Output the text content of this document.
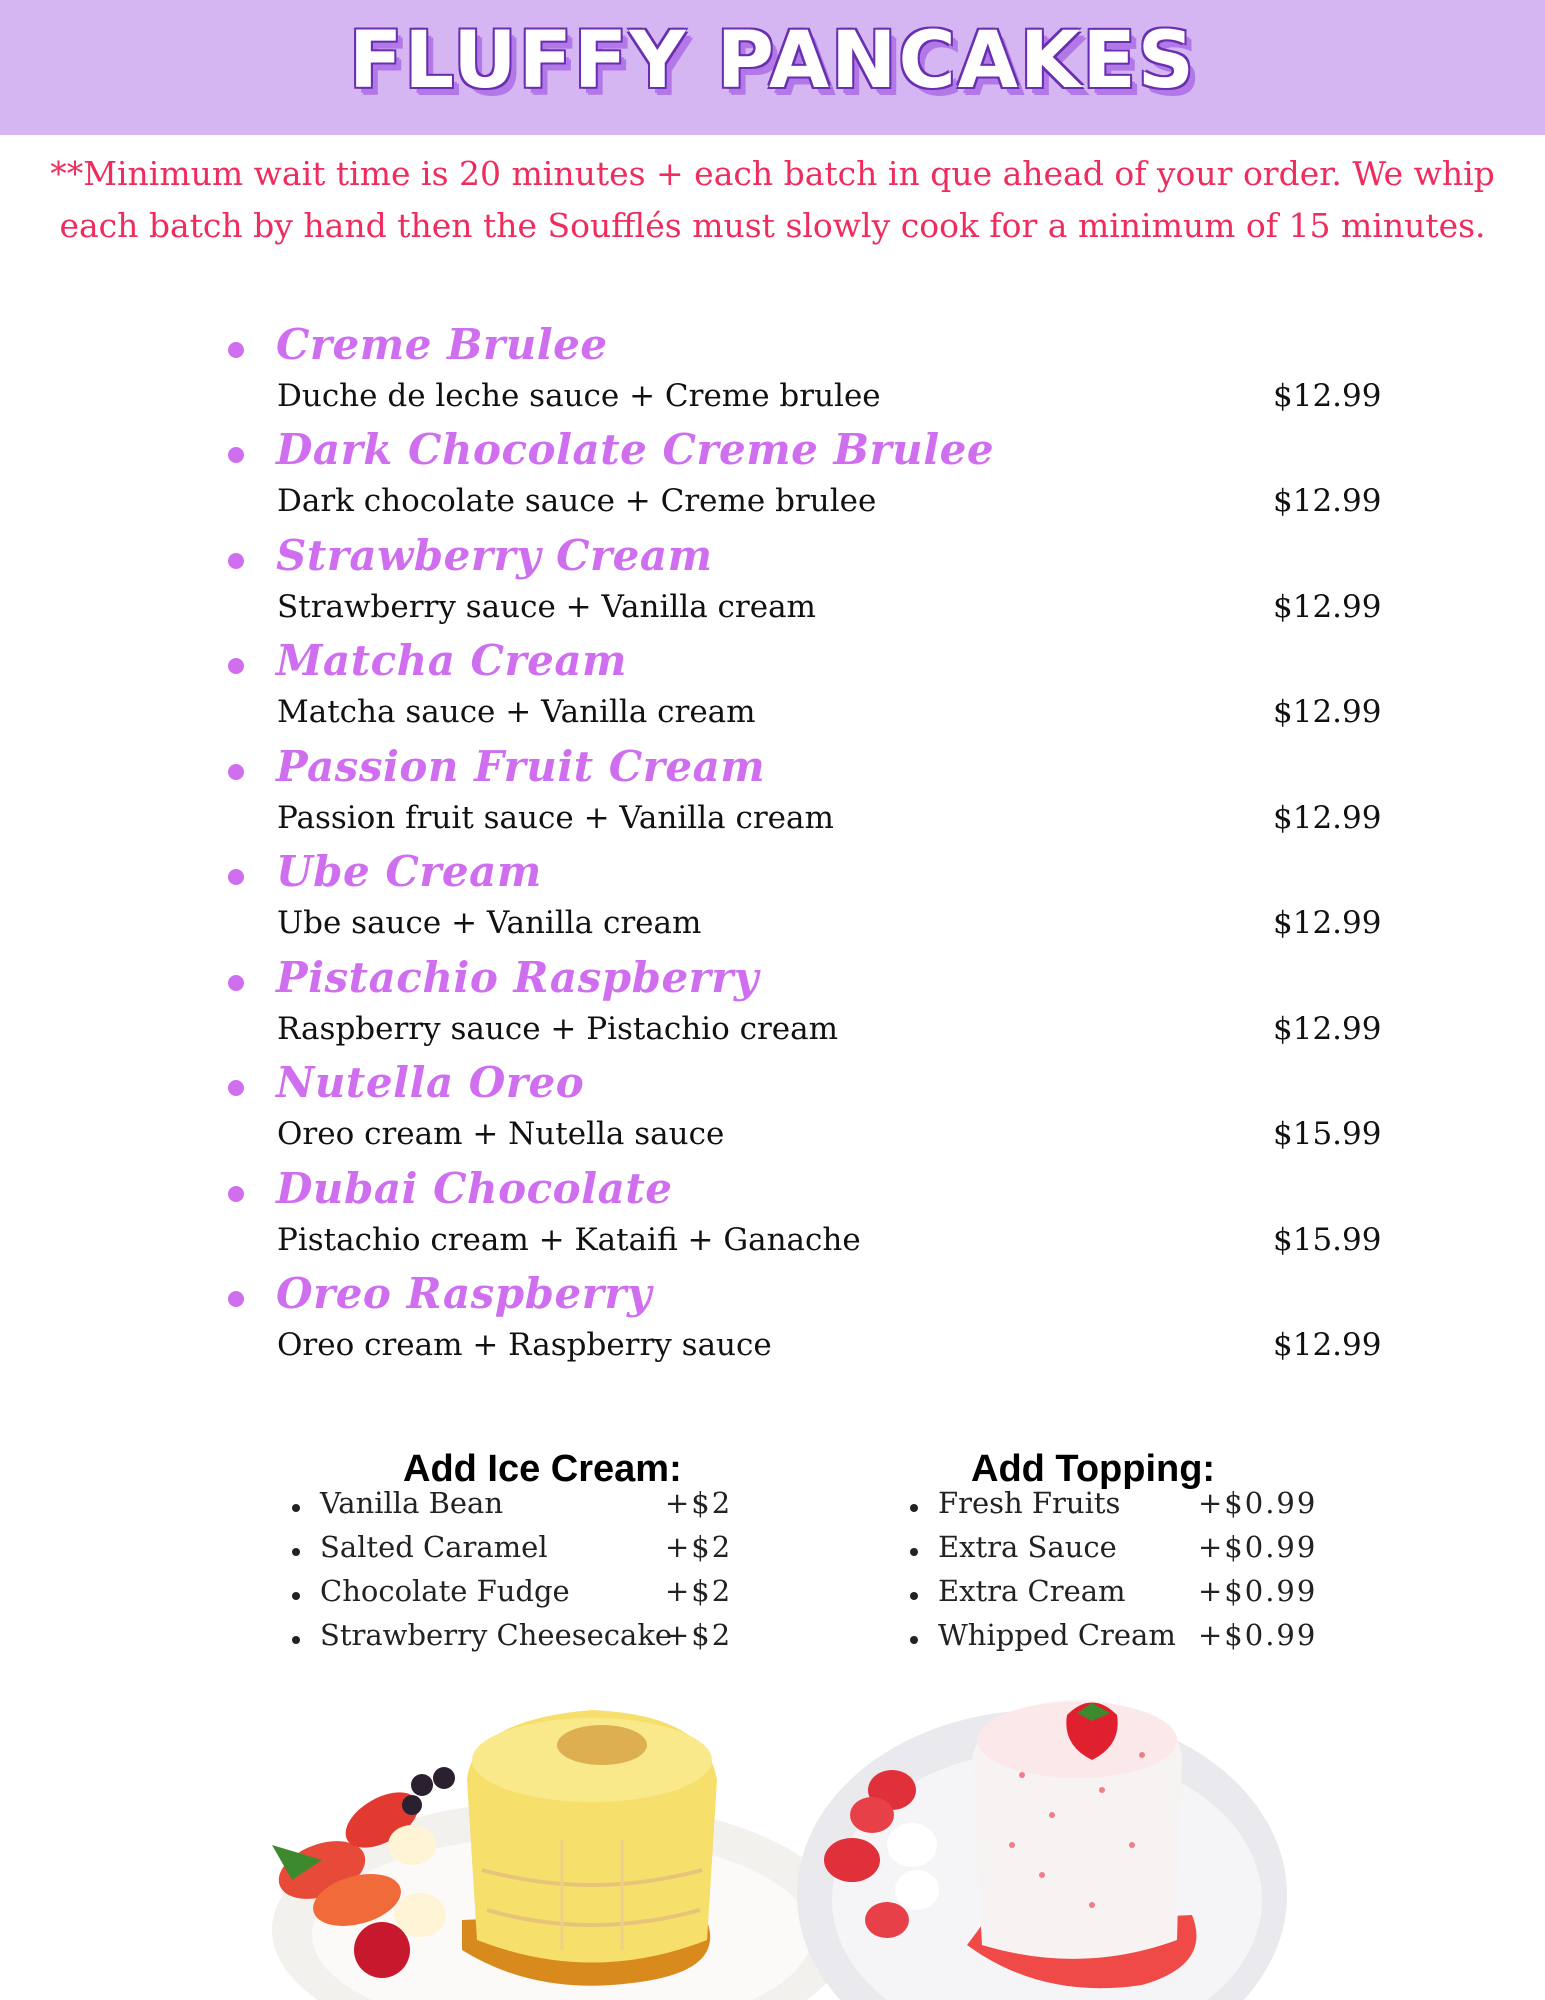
FLUFFY PANCAKES
**Minimum wait time is 20 minutes + each batch in que ahead of your order. We whip
each batch by hand then the Soufflés must slowly cook for a minimum of 15 minutes.
Creme Brulee
Duche de leche sauce + Creme brulee	$12.99
Dark Chocolate Creme Brulee
Dark chocolate sauce + Creme brulee	$12.99
Strawberry Cream
Strawberry sauce + Vanilla cream	$12.99
Matcha Cream
Matcha sauce + Vanilla cream	$12.99
Passion Fruit Cream
Passion fruit sauce + Vanilla cream	$12.99
Ube Cream
Ube sauce + Vanilla cream	$12.99
Pistachio Raspberry
Raspberry sauce + Pistachio cream	$12.99
Nutella Oreo
Oreo cream + Nutella sauce	$15.99
Dubai Chocolate
Pistachio cream + Kataifi + Ganache	$15.99
Oreo Raspberry
Oreo cream + Raspberry sauce	$12.99
Add Ice Cream:
Vanilla Bean	+$2
Salted Caramel	+$2
Chocolate Fudge	+$2
Strawberry Cheesecake
+$2
Add Topping:
Fresh Fruits	+$0.99
Extra Sauce	+$0.99
Extra Cream +$0.99
Whipped Cream +$0.99
